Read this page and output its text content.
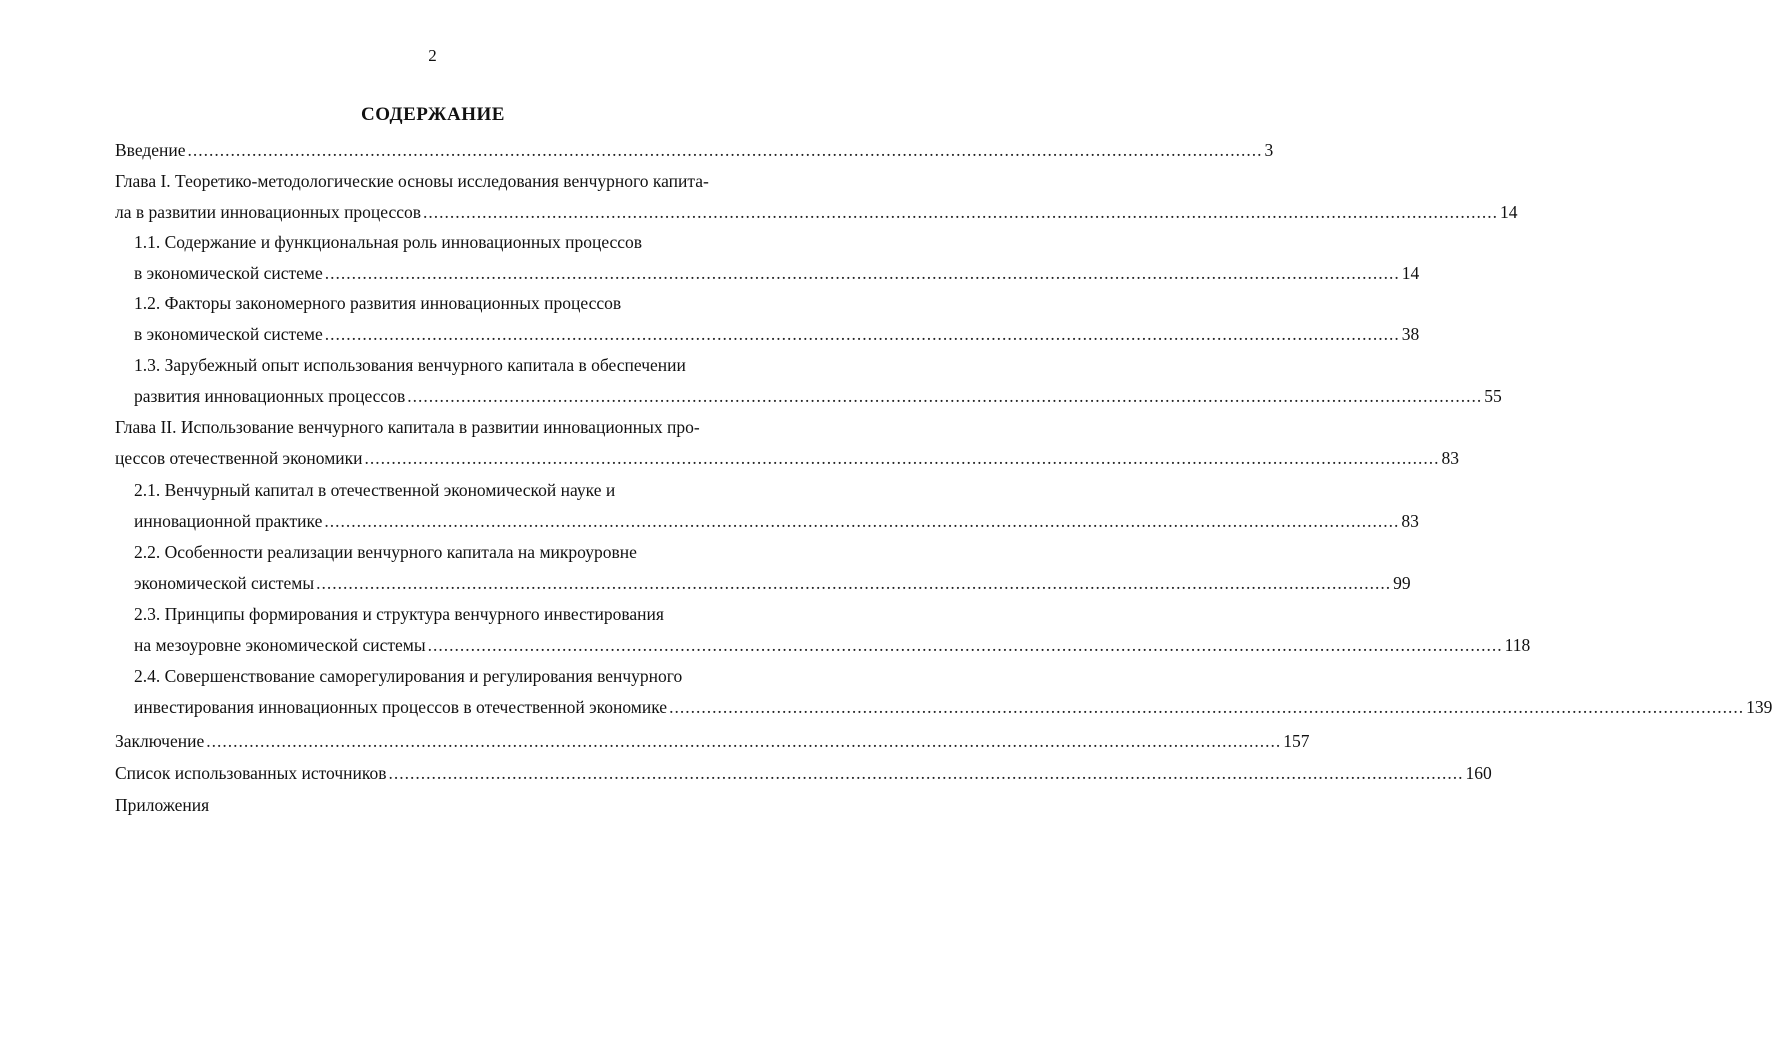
2
СОДЕРЖАНИЕ
Введение ........................................................................................................................................................................................................ 3
Глава I. Теоретико-методологические основы исследования венчурного капита-
ла в развитии инновационных процессов ........................................................................................................................................................................................................ 14
1.1. Содержание и функциональная роль инновационных процессов
в экономической системе ........................................................................................................................................................................................................ 14
1.2. Факторы закономерного развития инновационных процессов
в экономической системе ........................................................................................................................................................................................................ 38
1.3. Зарубежный опыт использования венчурного капитала в обеспечении
развития инновационных процессов ........................................................................................................................................................................................................ 55
Глава II. Использование венчурного капитала в развитии инновационных про-
цессов отечественной экономики ........................................................................................................................................................................................................ 83
2.1. Венчурный капитал в отечественной экономической науке и
инновационной практике ........................................................................................................................................................................................................ 83
2.2. Особенности реализации венчурного капитала на микроуровне
экономической системы ........................................................................................................................................................................................................ 99
2.3. Принципы формирования и структура венчурного инвестирования
на мезоуровне экономической системы ........................................................................................................................................................................................................ 118
2.4. Совершенствование саморегулирования и регулирования венчурного
инвестирования инновационных процессов в отечественной экономике ........................................................................................................................................................................................................ 139
Заключение ........................................................................................................................................................................................................ 157
Список использованных источников ........................................................................................................................................................................................................ 160
Приложения
